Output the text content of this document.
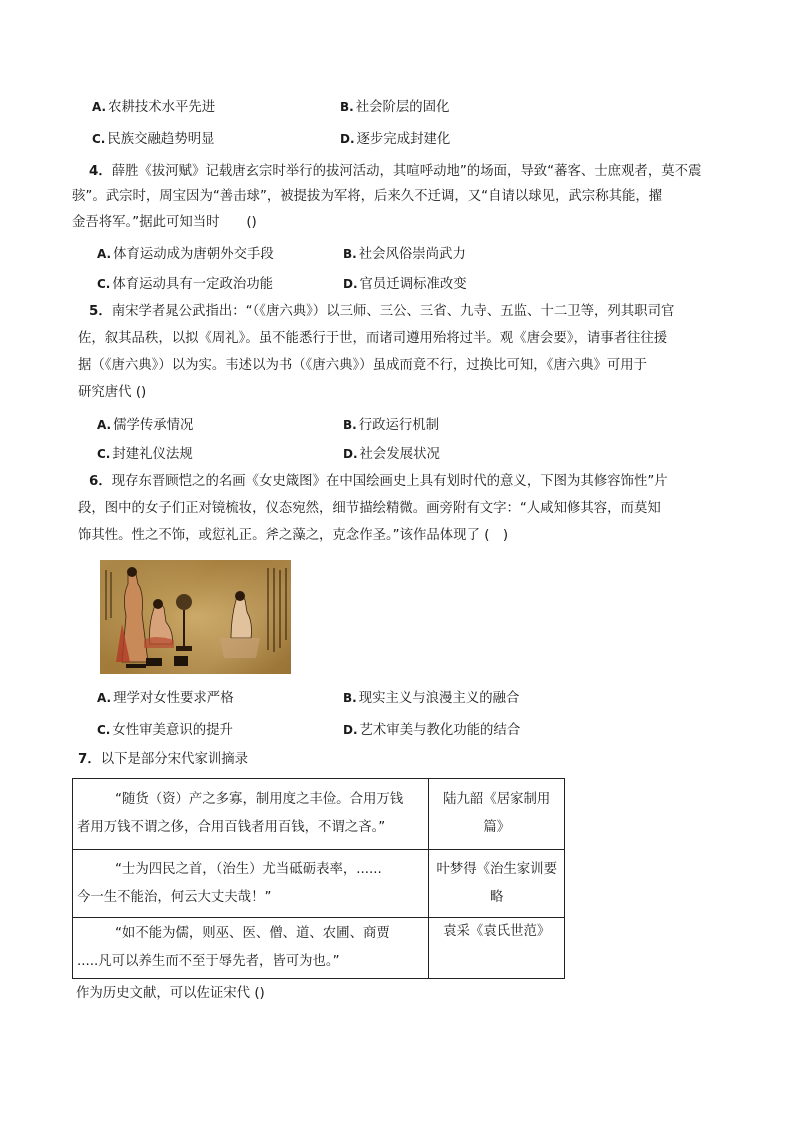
A. 农耕技术水平先进	B. 社会阶层的固化
C. 民族交融趋势明显	D. 逐步完成封建化
4．薛胜《拔河赋》记载唐玄宗时举行的拔河活动，其喧呼动地”的场面，导致“蕃客、士庶观者，莫不震
骇”。武宗时，周宝因为“善击球”，被提拔为军将，后来久不迁调，又“自请以球见，武宗称其能，擢
金吾将军。”据此可知当时　　()
A. 体育运动成为唐朝外交手段	B. 社会风俗崇尚武力
C. 体育运动具有一定政治功能	D. 官员迁调标准改变
5．南宋学者晁公武指出：“（《唐六典》）以三师、三公、三省、九寺、五监、十二卫等，列其职司官
佐，叙其品秩，以拟《周礼》。虽不能悉行于世，而诸司遵用殆将过半。观《唐会要》，请事者往往援
据（《唐六典》）以为实。韦述以为书（《唐六典》）虽成而竟不行，过换比可知，《唐六典》可用于
研究唐代 ()
A. 儒学传承情况	B. 行政运行机制
C. 封建礼仪法规	D. 社会发展状况
6．现存东晋顾恺之的名画《女史箴图》在中国绘画史上具有划时代的意义，下图为其修容饰性”片
段，图中的女子们正对镜梳妆，仪态宛然，细节描绘精微。画旁附有文字：“人咸知修其容，而莫知
饰其性。性之不饰，或愆礼正。斧之藻之，克念作圣。”该作品体现了 (　)
A. 理学对女性要求严格	B. 现实主义与浪漫主义的融合
C. 女性审美意识的提升	D. 艺术审美与教化功能的结合
7．以下是部分宋代家训摘录
“随货（资）产之多寡，制用度之丰俭。合用万钱
者用万钱不谓之侈，合用百钱者用百钱，不谓之吝。”	陆九韶《居家制用篇》

“士为四民之首，（治生）尤当砥砺表率，......
今一生不能治，何云大丈夫哉！”	叶梦得《治生家训要略

“如不能为儒，则巫、医、僧、道、农圃、商贾
.....凡可以养生而不至于辱先者，皆可为也。”	袁采《袁氏世范》
作为历史文献，可以佐证宋代 ()
